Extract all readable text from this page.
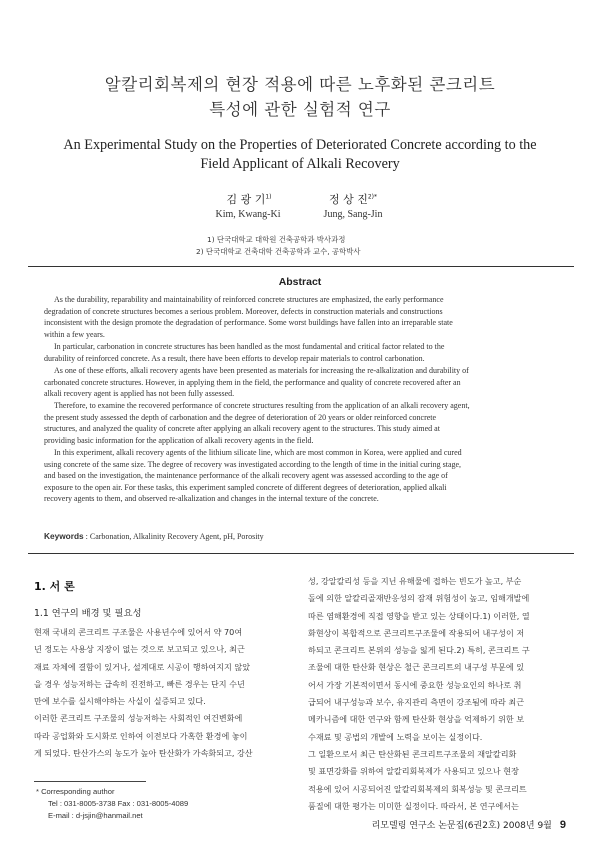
알칼리회복제의 현장 적용에 따른 노후화된 콘크리트
특성에 관한 실험적 연구
An Experimental Study on the Properties of Deteriorated Concrete according to the
Field Applicant of Alkali Recovery
김 광 기$^{1)}$	정 상 진$^{2)*}$
Kim, Kwang-Ki	Jung, Sang-Jin
1) 단국대학교 대학원 건축공학과 박사과정
2) 단국대학교 건축대학 건축공학과 교수, 공학박사
Abstract
As the durability, reparability and maintainability of reinforced concrete structures are emphasized, the early performance
degradation of concrete structures becomes a serious problem. Moreover, defects in construction materials and constructions
inconsistent with the design promote the degradation of performance. Some worst buildings have fallen into an irreparable state
within a few years.
In particular, carbonation in concrete structures has been handled as the most fundamental and critical factor related to the
durability of reinforced concrete. As a result, there have been efforts to develop repair materials to control carbonation.
As one of these efforts, alkali recovery agents have been presented as materials for increasing the re-alkalization and durability of
carbonated concrete structures. However, in applying them in the field, the performance and quality of concrete recovered after an
alkali recovery agent is applied has not been fully assessed.
Therefore, to examine the recovered performance of concrete structures resulting from the application of an alkali recovery agent,
the present study assessed the depth of carbonation and the degree of deterioration of 20 years or older reinforced concrete
structures, and analyzed the quality of concrete after applying an alkali recovery agent to the structures. This study aimed at
providing basic information for the application of alkali recovery agents in the field.
In this experiment, alkali recovery agents of the lithium silicate line, which are most common in Korea, were applied and cured
using concrete of the same size. The degree of recovery was investigated according to the length of time in the initial curing stage,
and based on the investigation, the maintenance performance of the alkali recovery agent was assessed according to the age of
exposure to the open air. For these tasks, this experiment sampled concrete of different degrees of deterioration, applied alkali
recovery agents to them, and observed re-alkalization and changes in the internal texture of the concrete.
Keywords : Carbonation, Alkalinity Recovery Agent, pH, Porosity
1. 서 론
1.1 연구의 배경 및 필요성
현재 국내의 콘크리트 구조물은 사용년수에 있어서 약 70여
년 정도는 사용상 지장이 없는 것으로 보고되고 있으나, 최근
재료 자체에 결함이 있거나, 설계대로 시공이 행하여지지 않았
을 경우 성능저하는 급속히 진전하고, 빠른 경우는 단지 수년
만에 보수를 실시해야하는 사실이 실증되고 있다.
이러한 콘크리트 구조물의 성능저하는 사회적인 여건변화에
따라 공업화와 도시화로 인하여 이전보다 가혹한 환경에 놓이
게 되었다. 탄산가스의 농도가 높아 탄산화가 가속화되고, 강산
성, 강알칼리성 등을 지닌 유해물에 접하는 빈도가 높고, 부순
돌에 의한 알칼리골재반응성의 잠재 위험성이 높고, 임해개발에
따른 염해환경에 직접 영향을 받고 있는 상태이다.1) 이러한, 열
화현상이 복합적으로 콘크리트구조물에 작용되어 내구성이 저
하되고 콘크리트 본위의 성능을 잃게 된다.2) 특히, 콘크리트 구
조물에 대한 탄산화 현상은 철근 콘크리트의 내구성 부문에 있
어서 가장 기본적이면서 동시에 중요한 성능요인의 하나로 취
급되어 내구성능과 보수, 유지관리 측면이 강조됨에 따라 최근
메카니즘에 대한 연구와 함께 탄산화 현상을 억제하기 위한 보
수재료 및 공법의 개발에 노력을 보이는 실정이다.
그 일환으로서 최근 탄산화된 콘크리트구조물의 재알칼리화
및 표면강화를 위하여 알칼리회복제가 사용되고 있으나 현장
적용에 있어 시공되어진 알칼리회복제의 회복성능 및 콘크리트
품질에 대한 평가는 미미한 실정이다. 따라서, 본 연구에서는
* Corresponding author
Tel : 031-8005-3738 Fax : 031-8005-4089
E-mail : d-jsjin@hanmail.net
리모델링 연구소 논문집(6권2호) 2008년 9월 9
